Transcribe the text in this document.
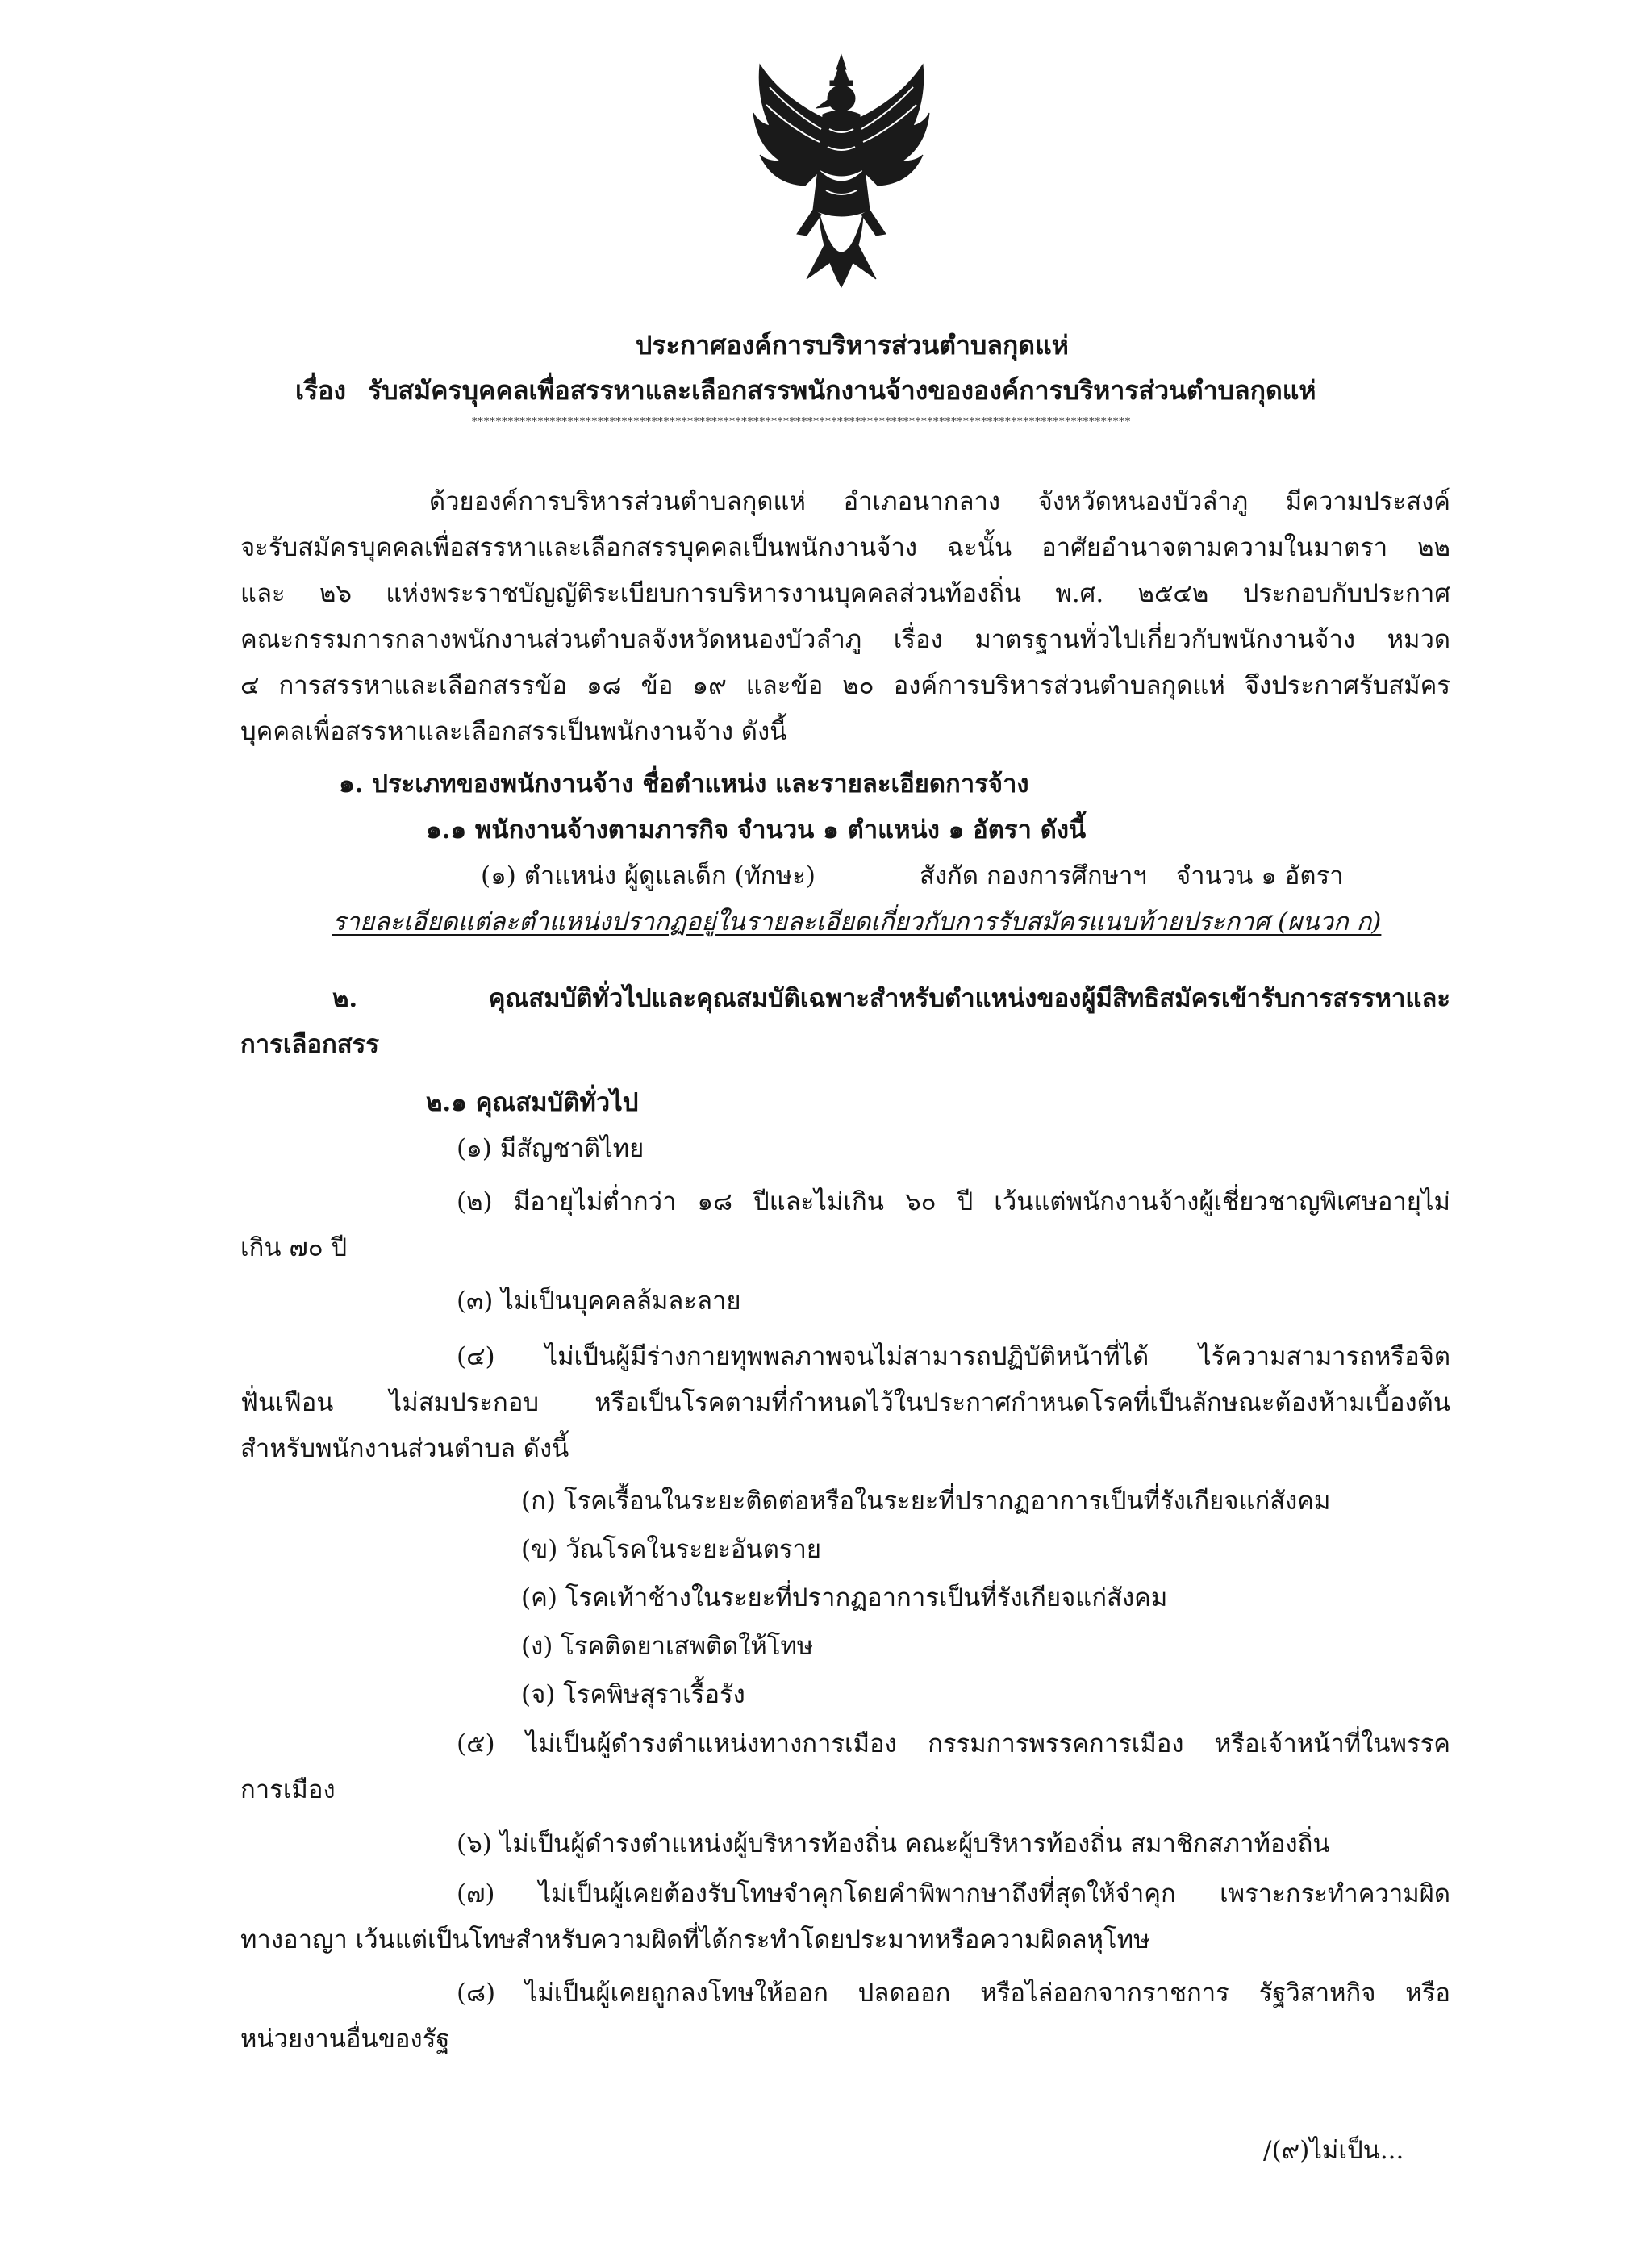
ประกาศองค์การบริหารส่วนตำบลกุดแห่
เรื่อง รับสมัครบุคคลเพื่อสรรหาและเลือกสรรพนักงานจ้างขององค์การบริหารส่วนตำบลกุดแห่
**************************************************************************************************************
ด้วยองค์การบริหารส่วนตำบลกุดแห่ อำเภอนากลาง จังหวัดหนองบัวลำภู มีความประสงค์
จะรับสมัครบุคคลเพื่อสรรหาและเลือกสรรบุคคลเป็นพนักงานจ้าง ฉะนั้น อาศัยอำนาจตามความในมาตรา ๒๒
และ ๒๖ แห่งพระราชบัญญัติระเบียบการบริหารงานบุคคลส่วนท้องถิ่น พ.ศ. ๒๕๔๒ ประกอบกับประกาศ
คณะกรรมการกลางพนักงานส่วนตำบลจังหวัดหนองบัวลำภู เรื่อง มาตรฐานทั่วไปเกี่ยวกับพนักงานจ้าง หมวด
๔ การสรรหาและเลือกสรรข้อ ๑๘ ข้อ ๑๙ และข้อ ๒๐ องค์การบริหารส่วนตำบลกุดแห่ จึงประกาศรับสมัคร
บุคคลเพื่อสรรหาและเลือกสรรเป็นพนักงานจ้าง ดังนี้
๑. ประเภทของพนักงานจ้าง ชื่อตำแหน่ง และรายละเอียดการจ้าง
๑.๑ พนักงานจ้างตามภารกิจ จำนวน ๑ ตำแหน่ง ๑ อัตรา ดังนี้
(๑) ตำแหน่ง ผู้ดูแลเด็ก (ทักษะ)	สังกัด กองการศึกษาฯ จำนวน ๑ อัตรา
รายละเอียดแต่ละตำแหน่งปรากฏอยู่ในรายละเอียดเกี่ยวกับการรับสมัครแนบท้ายประกาศ (ผนวก ก)
๒. คุณสมบัติทั่วไปและคุณสมบัติเฉพาะสำหรับตำแหน่งของผู้มีสิทธิสมัครเข้ารับการสรรหาและ
การเลือกสรร
๒.๑ คุณสมบัติทั่วไป
(๑) มีสัญชาติไทย
(๒) มีอายุไม่ต่ำกว่า ๑๘ ปีและไม่เกิน ๖๐ ปี เว้นแต่พนักงานจ้างผู้เชี่ยวชาญพิเศษอายุไม่
เกิน ๗๐ ปี
(๓) ไม่เป็นบุคคลล้มละลาย
(๔) ไม่เป็นผู้มีร่างกายทุพพลภาพจนไม่สามารถปฏิบัติหน้าที่ได้ ไร้ความสามารถหรือจิต
ฟั่นเฟือน ไม่สมประกอบ หรือเป็นโรคตามที่กำหนดไว้ในประกาศกำหนดโรคที่เป็นลักษณะต้องห้ามเบื้องต้น
สำหรับพนักงานส่วนตำบล ดังนี้
(ก) โรคเรื้อนในระยะติดต่อหรือในระยะที่ปรากฏอาการเป็นที่รังเกียจแก่สังคม
(ข) วัณโรคในระยะอันตราย
(ค) โรคเท้าช้างในระยะที่ปรากฏอาการเป็นที่รังเกียจแก่สังคม
(ง) โรคติดยาเสพติดให้โทษ
(จ) โรคพิษสุราเรื้อรัง
(๕) ไม่เป็นผู้ดำรงตำแหน่งทางการเมือง กรรมการพรรคการเมือง หรือเจ้าหน้าที่ในพรรค
การเมือง
(๖) ไม่เป็นผู้ดำรงตำแหน่งผู้บริหารท้องถิ่น คณะผู้บริหารท้องถิ่น สมาชิกสภาท้องถิ่น
(๗) ไม่เป็นผู้เคยต้องรับโทษจำคุกโดยคำพิพากษาถึงที่สุดให้จำคุก เพราะกระทำความผิด
ทางอาญา เว้นแต่เป็นโทษสำหรับความผิดที่ได้กระทำโดยประมาทหรือความผิดลหุโทษ
(๘) ไม่เป็นผู้เคยถูกลงโทษให้ออก ปลดออก หรือไล่ออกจากราชการ รัฐวิสาหกิจ หรือ
หน่วยงานอื่นของรัฐ
/(๙)ไม่เป็น...
